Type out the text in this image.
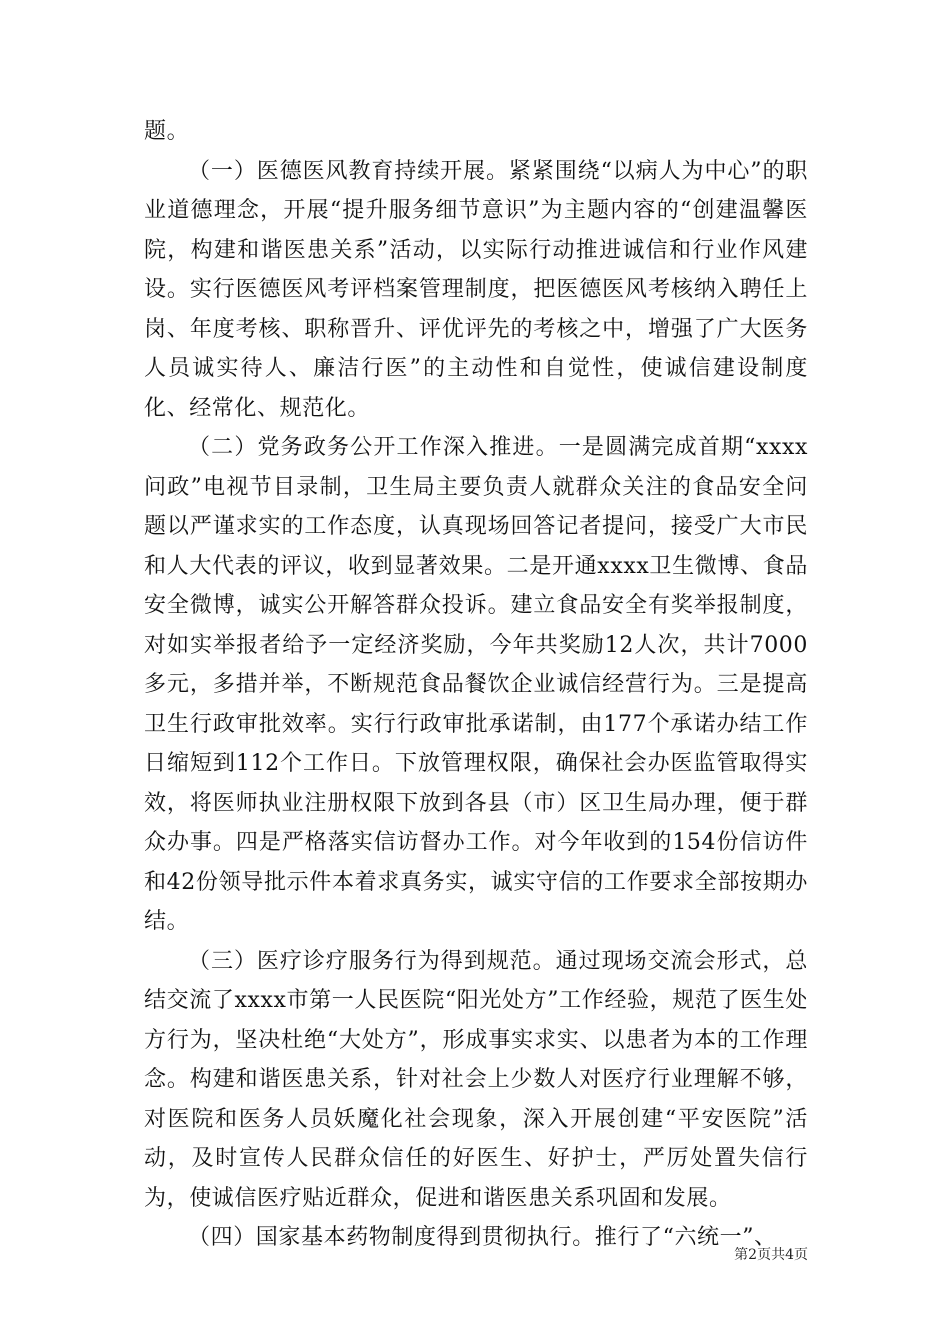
题。

（一）医德医风教育持续开展。紧紧围绕“以病人为中心”的职业道德理念，开展“提升服务细节意识”为主题内容的“创建温馨医院，构建和谐医患关系”活动，以实际行动推进诚信和行业作风建设。实行医德医风考评档案管理制度，把医德医风考核纳入聘任上岗、年度考核、职称晋升、评优评先的考核之中，增强了广大医务人员诚实待人、廉洁行医”的主动性和自觉性，使诚信建设制度化、经常化、规范化。

（二）党务政务公开工作深入推进。一是圆满完成首期“xxxx问政”电视节目录制，卫生局主要负责人就群众关注的食品安全问题以严谨求实的工作态度，认真现场回答记者提问，接受广大市民和人大代表的评议，收到显著效果。二是开通xxxx卫生微博、食品安全微博，诚实公开解答群众投诉。建立食品安全有奖举报制度，对如实举报者给予一定经济奖励，今年共奖励12人次，共计7000多元，多措并举，不断规范食品餐饮企业诚信经营行为。三是提高卫生行政审批效率。实行行政审批承诺制，由177个承诺办结工作日缩短到112个工作日。下放管理权限，确保社会办医监管取得实效，将医师执业注册权限下放到各县（市）区卫生局办理，便于群众办事。四是严格落实信访督办工作。对今年收到的154份信访件和42份领导批示件本着求真务实，诚实守信的工作要求全部按期办结。

（三）医疗诊疗服务行为得到规范。通过现场交流会形式，总结交流了xxxx市第一人民医院“阳光处方”工作经验，规范了医生处方行为，坚决杜绝“大处方”，形成事实求实、以患者为本的工作理念。构建和谐医患关系，针对社会上少数人对医疗行业理解不够，对医院和医务人员妖魔化社会现象，深入开展创建“平安医院”活动，及时宣传人民群众信任的好医生、好护士，严厉处置失信行为，使诚信医疗贴近群众，促进和谐医患关系巩固和发展。

（四）国家基本药物制度得到贯彻执行。推行了“六统一”、

第2页共4页
